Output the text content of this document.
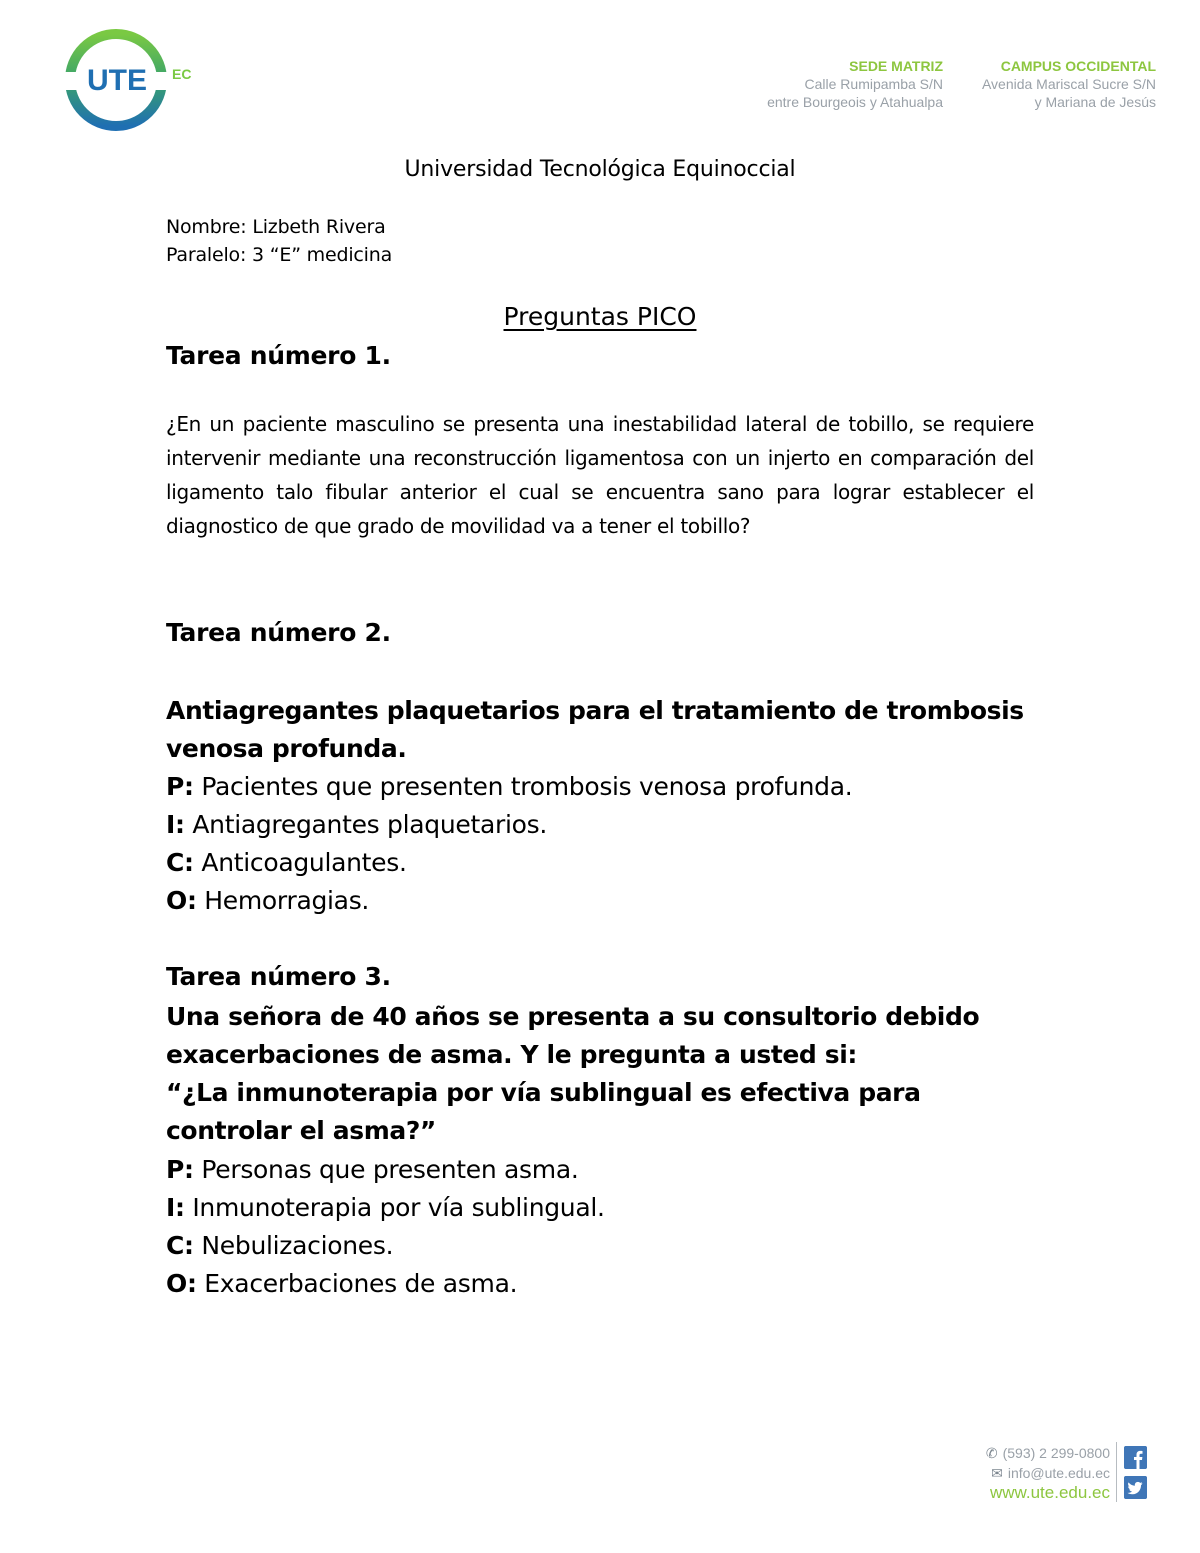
UTE EC	SEDE MATRIZ
Calle Rumipamba S/N
entre Bourgeois y Atahualpa
CAMPUS OCCIDENTAL
Avenida Mariscal Sucre S/N
y Mariana de Jesús
Universidad Tecnológica Equinoccial
Nombre: Lizbeth Rivera
Paralelo: 3 “E” medicina
Preguntas PICO
Tarea número 1.
¿En un paciente masculino se presenta una inestabilidad lateral de tobillo, se requiere intervenir mediante una reconstrucción ligamentosa con un injerto en comparación del ligamento talo fibular anterior el cual se encuentra sano para lograr establecer el diagnostico de que grado de movilidad va a tener el tobillo?
Tarea número 2.
Antiagregantes plaquetarios para el tratamiento de trombosis venosa profunda.
P: Pacientes que presenten trombosis venosa profunda.
I: Antiagregantes plaquetarios.
C: Anticoagulantes.
O: Hemorragias.
Tarea número 3.
Una señora de 40 años se presenta a su consultorio debido
exacerbaciones de asma. Y le pregunta a usted si:
“¿La inmunoterapia por vía sublingual es efectiva para controlar el asma?”
P: Personas que presenten asma.
I: Inmunoterapia por vía sublingual.
C: Nebulizaciones.
O: Exacerbaciones de asma.
✆ (593) 2 299-0800
✉ info@ute.edu.ec
www.ute.edu.ec
